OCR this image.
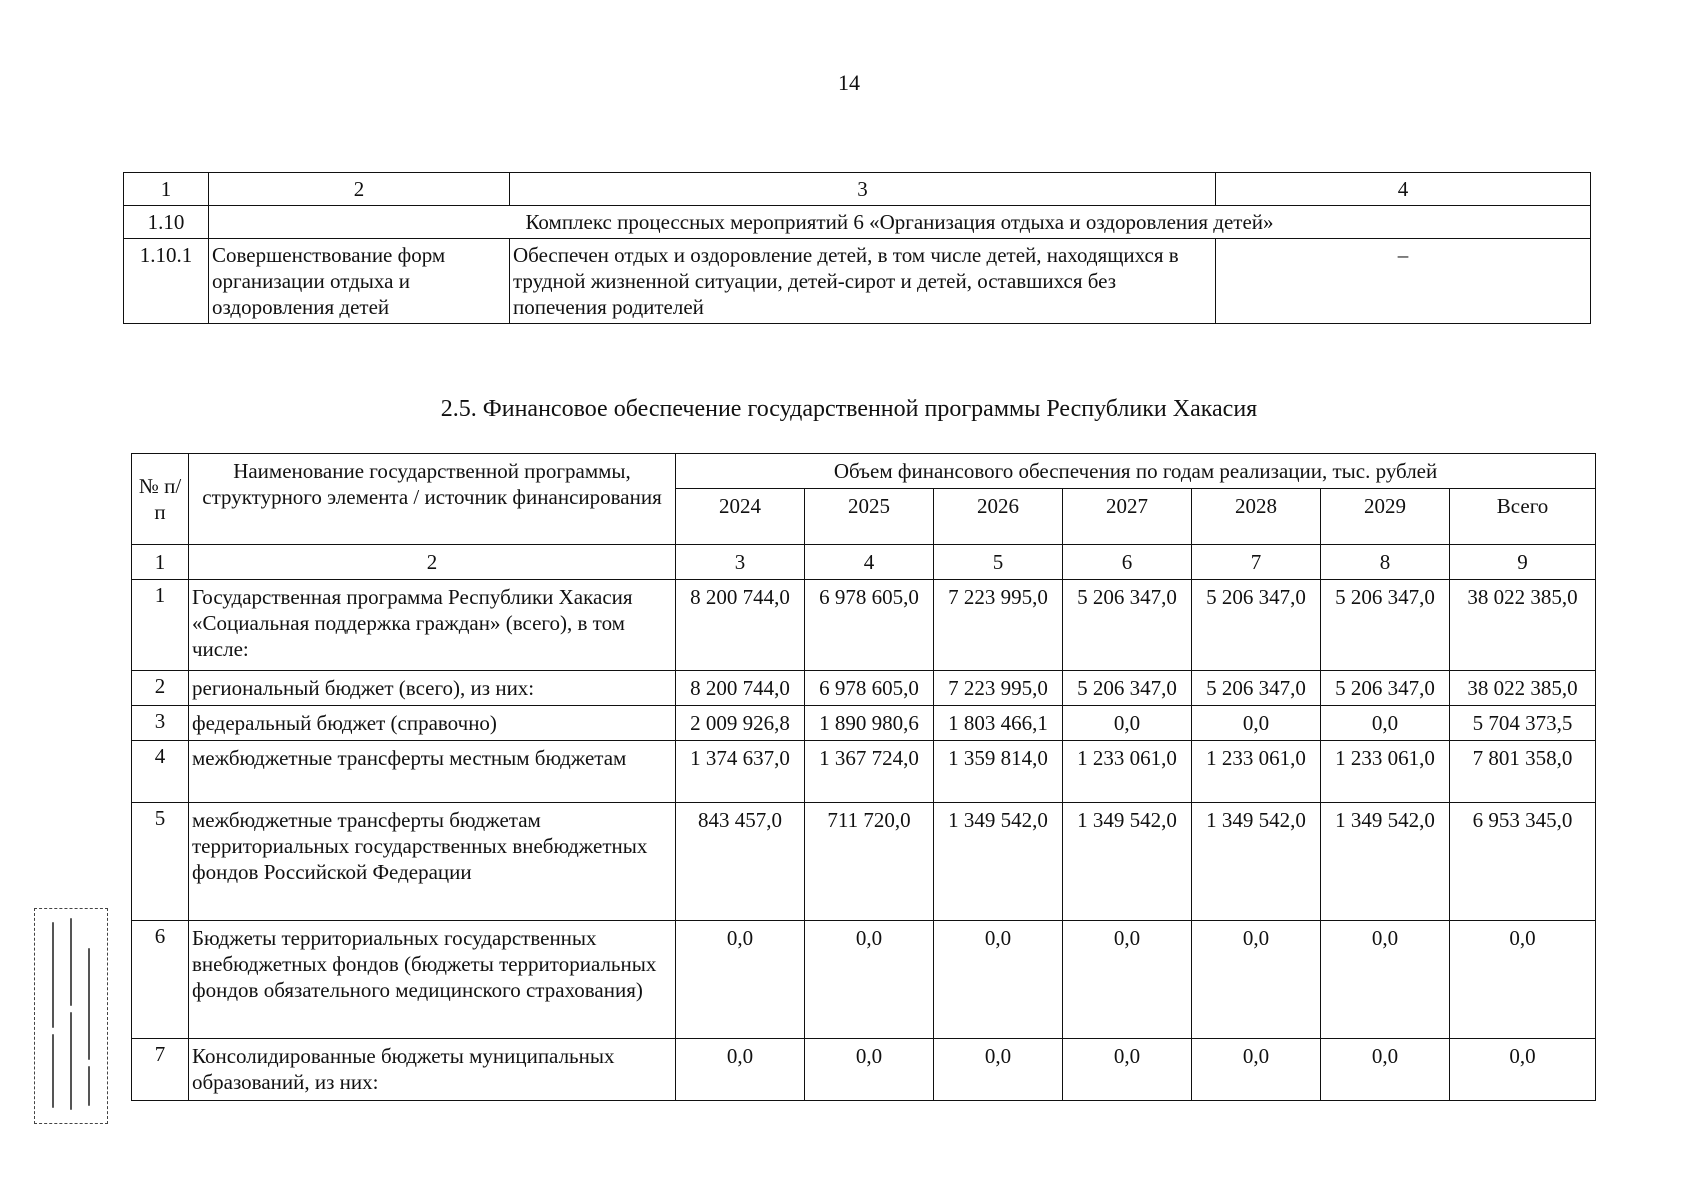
14
1	2	3	4
1.10	Комплекс процессных мероприятий 6 «Организация отдыха и оздоровления детей»		
1.10.1	Совершенствование форм организации отдыха и оздоровления детей	Обеспечен отдых и оздоровление детей, в том числе детей, находящихся в трудной жизненной ситуации, детей-сирот и детей, оставшихся без попечения родителей	–
2.5. Финансовое обеспечение государственной программы Республики Хакасия
№ п/п	Наименование государственной программы, структурного элемента / источник финансирования	Объем финансового обеспечения по годам реализации, тыс. рублей						
		2024	2025	2026	2027	2028	2029	Всего
1	2	3	4	5	6	7	8	9
1	Государственная программа Республики Хакасия «Социальная поддержка граждан» (всего), в том числе:	8 200 744,0	6 978 605,0	7 223 995,0	5 206 347,0	5 206 347,0	5 206 347,0	38 022 385,0
2	региональный бюджет (всего), из них:	8 200 744,0	6 978 605,0	7 223 995,0	5 206 347,0	5 206 347,0	5 206 347,0	38 022 385,0
3	федеральный бюджет (справочно)	2 009 926,8	1 890 980,6	1 803 466,1	0,0	0,0	0,0	5 704 373,5
4	межбюджетные трансферты местным бюджетам	1 374 637,0	1 367 724,0	1 359 814,0	1 233 061,0	1 233 061,0	1 233 061,0	7 801 358,0
5	межбюджетные трансферты бюджетам территориальных государственных внебюджетных фондов Российской Федерации	843 457,0	711 720,0	1 349 542,0	1 349 542,0	1 349 542,0	1 349 542,0	6 953 345,0
6	Бюджеты территориальных государственных внебюджетных фондов (бюджеты территориальных фондов обязательного медицинского страхования)	0,0	0,0	0,0	0,0	0,0	0,0	0,0
7	Консолидированные бюджеты муниципальных образований, из них:	0,0	0,0	0,0	0,0	0,0	0,0	0,0
